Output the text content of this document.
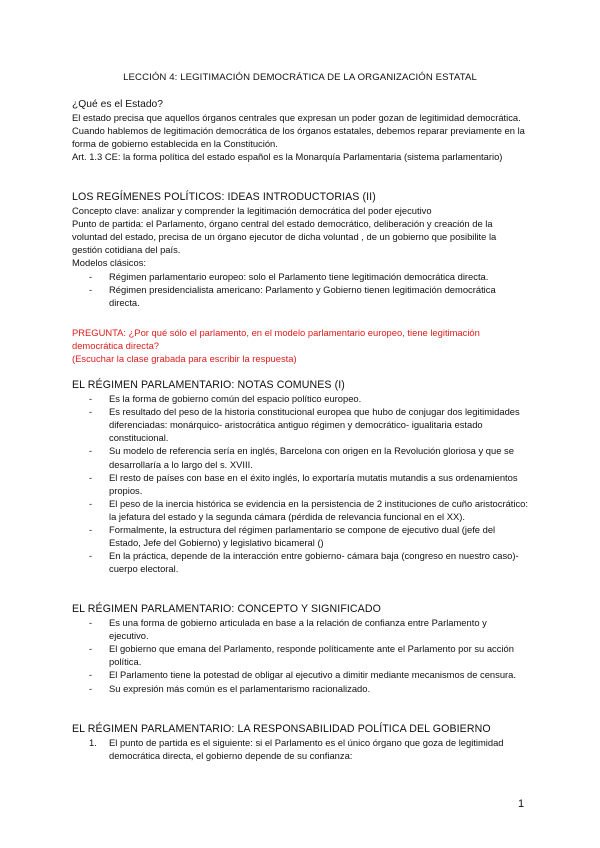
LECCIÓN 4: LEGITIMACIÓN DEMOCRÁTICA DE LA ORGANIZACIÓN ESTATAL
¿Qué es el Estado?

El estado precisa que aquellos órganos centrales que expresan un poder gozan de legitimidad democrática. Cuando hablemos de legitimación democrática de los órganos estatales, debemos reparar previamente en la forma de gobierno establecida en la Constitución.

Art. 1.3 CE: la forma política del estado español es la Monarquía Parlamentaria (sistema parlamentario)

LOS REGÍMENES POLÍTICOS: IDEAS INTRODUCTORIAS (II)

Concepto clave: analizar y comprender la legitimación democrática del poder ejecutivo

Punto de partida: el Parlamento, órgano central del estado democrático, deliberación y creación de la voluntad del estado, precisa de un órgano ejecutor de dicha voluntad , de un gobierno que posibilite la gestión cotidiana del país.

Modelos clásicos:

- Régimen parlamentario europeo: solo el Parlamento tiene legitimación democrática directa.
- Régimen presidencialista americano: Parlamento y Gobierno tienen legitimación democrática directa.

PREGUNTA: ¿Por qué sólo el parlamento, en el modelo parlamentario europeo, tiene legitimación democrática directa?

(Escuchar la clase grabada para escribir la respuesta)

EL RÉGIMEN PARLAMENTARIO: NOTAS COMUNES (I)
- Es la forma de gobierno común del espacio político europeo.
- Es resultado del peso de la historia constitucional europea que hubo de conjugar dos legitimidades diferenciadas: monárquico- aristocrática antiguo régimen y democrático- igualitaria estado constitucional.
- Su modelo de referencia sería en inglés, Barcelona con origen en la Revolución gloriosa y que se desarrollaría a lo largo del s. XVIII.
- El resto de países con base en el éxito inglés, lo exportaría mutatis mutandis a sus ordenamientos propios.
- El peso de la inercia histórica se evidencia en la persistencia de 2 instituciones de cuño aristocrático: la jefatura del estado y la segunda cámara (pérdida de relevancia funcional en el XX).
- Formalmente, la estructura del régimen parlamentario se compone de ejecutivo dual (jefe del Estado, Jefe del Gobierno) y legislativo bicameral ()
- En la práctica, depende de la interacción entre gobierno- cámara baja (congreso en nuestro caso)- cuerpo electoral.
EL RÉGIMEN PARLAMENTARIO: CONCEPTO Y SIGNIFICADO
- Es una forma de gobierno articulada en base a la relación de confianza entre Parlamento y ejecutivo.
- El gobierno que emana del Parlamento, responde políticamente ante el Parlamento por su acción política.
- El Parlamento tiene la potestad de obligar al ejecutivo a dimitir mediante mecanismos de censura.
- Su expresión más común es el parlamentarismo racionalizado.
EL RÉGIMEN PARLAMENTARIO: LA RESPONSABILIDAD POLÍTICA DEL GOBIERNO
1. El punto de partida es el siguiente: si el Parlamento es el único órgano que goza de legitimidad democrática directa, el gobierno depende de su confianza:
1
